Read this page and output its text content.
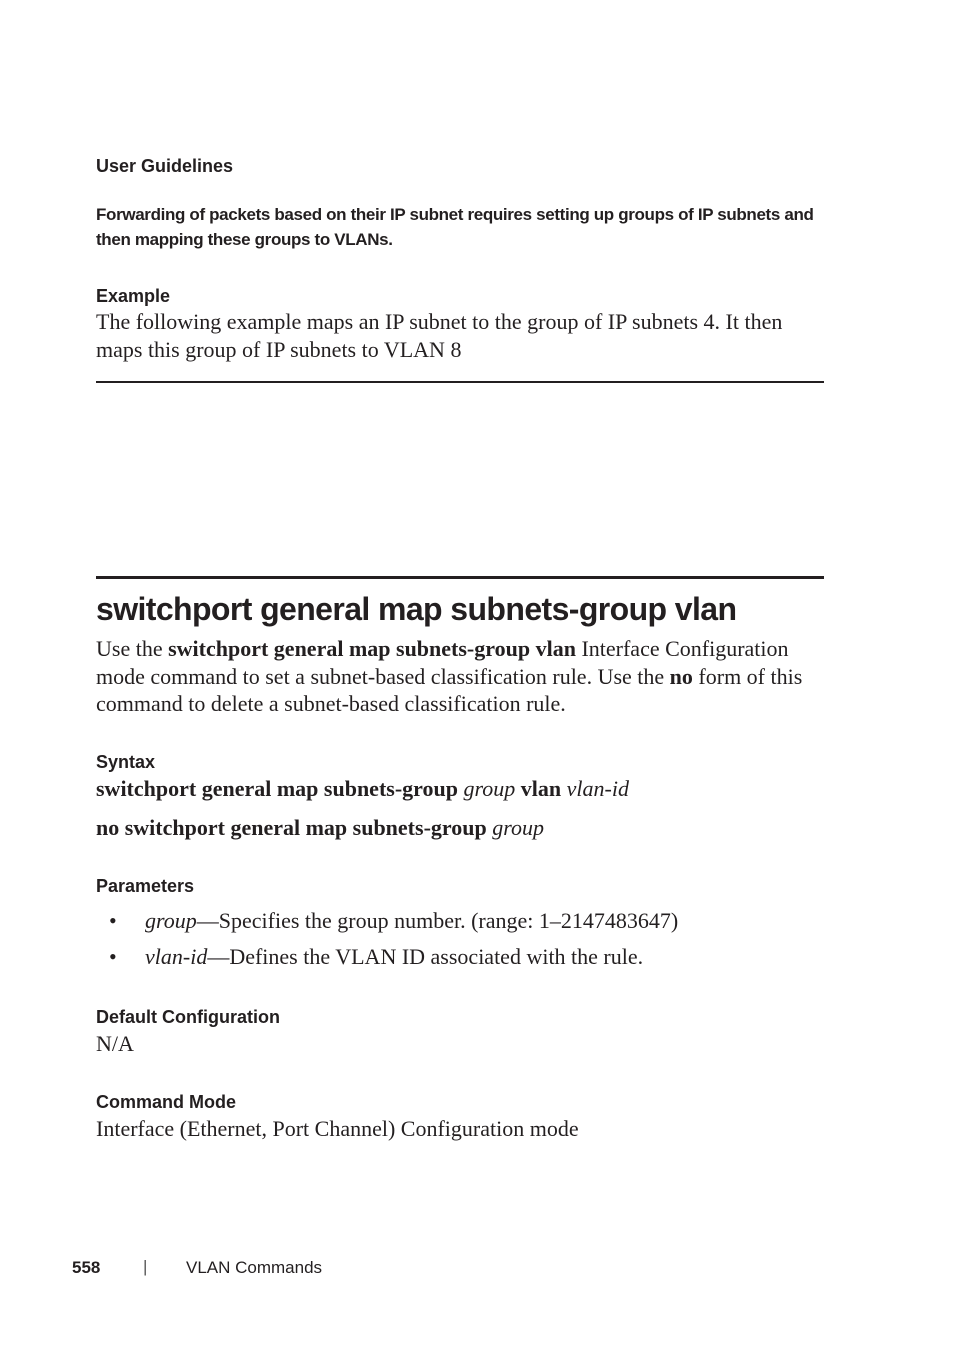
User Guidelines
Forwarding of packets based on their IP subnet requires setting up groups of IP subnets and then mapping these groups to VLANs.
Example
The following example maps an IP subnet to the group of IP subnets 4. It then maps this group of IP subnets to VLAN 8
switchport general map subnets-group vlan
Use the switchport general map subnets-group vlan Interface Configuration mode command to set a subnet-based classification rule. Use the no form of this command to delete a subnet-based classification rule.
Syntax
switchport general map subnets-group group vlan vlan-id
no switchport general map subnets-group group
Parameters
• group—Specifies the group number. (range: 1–2147483647)
• vlan-id—Defines the VLAN ID associated with the rule.
Default Configuration
N/A
Command Mode
Interface (Ethernet, Port Channel) Configuration mode
558	| VLAN Commands
